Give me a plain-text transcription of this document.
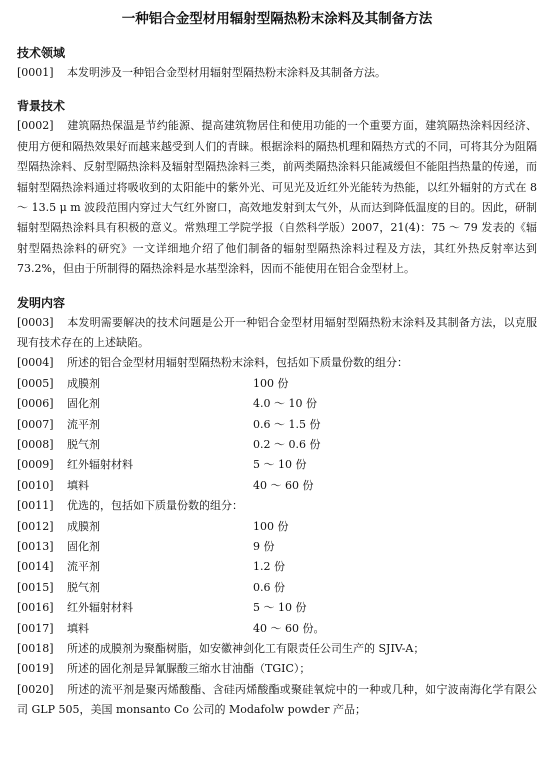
一种铝合金型材用辐射型隔热粉末涂料及其制备方法
技术领域

[0001] 本发明涉及一种铝合金型材用辐射型隔热粉末涂料及其制备方法。

背景技术

[0002] 建筑隔热保温是节约能源、提高建筑物居住和使用功能的一个重要方面，建筑隔热涂料因经济、使用方便和隔热效果好而越来越受到人们的青睐。根据涂料的隔热机理和隔热方式的不同，可将其分为阻隔型隔热涂料、反射型隔热涂料及辐射型隔热涂料三类，前两类隔热涂料只能减缓但不能阻挡热量的传递，而辐射型隔热涂料通过将吸收到的太阳能中的紫外光、可见光及近红外光能转为热能，以红外辐射的方式在 8 ～ 13.5 μ m 波段范围内穿过大气红外窗口，高效地发射到太气外，从而达到降低温度的目的。因此，研制辐射型隔热涂料具有积极的意义。常熟理工学院学报（自然科学版）2007，21(4)：75 ～ 79 发表的《辐射型隔热涂料的研究》一文详细地介绍了他们制备的辐射型隔热涂料过程及方法，其红外热反射率达到 73.2%，但由于所制得的隔热涂料是水基型涂料，因而不能使用在铝合金型材上。

发明内容

[0003] 本发明需要解决的技术问题是公开一种铝合金型材用辐射型隔热粉末涂料及其制备方法，以克服现有技术存在的上述缺陷。

[0004] 所述的铝合金型材用辐射型隔热粉末涂料，包括如下质量份数的组分：

[0005] 成膜剂	100 份
[0006] 固化剂	4.0 ～ 10 份
[0007] 流平剂	0.6 ～ 1.5 份
[0008] 脱气剂	0.2 ～ 0.6 份
[0009] 红外辐射材料	5 ～ 10 份
[0010] 填料	40 ～ 60 份

[0011] 优选的，包括如下质量份数的组分：

[0012] 成膜剂	100 份
[0013] 固化剂	9 份
[0014] 流平剂	1.2 份
[0015] 脱气剂	0.6 份
[0016] 红外辐射材料	5 ～ 10 份
[0017] 填料	40 ～ 60 份。

[0018] 所述的成膜剂为聚酯树脂，如安徽神剑化工有限责任公司生产的 SJIV-A；

[0019] 所述的固化剂是异氰脲酸三缩水甘油酯（TGIC）；

[0020] 所述的流平剂是聚丙烯酸酯、含硅丙烯酸酯或聚硅氧烷中的一种或几种，如宁波南海化学有限公司 GLP 505，美国 monsanto Co 公司的 Modafolw powder 产品；
